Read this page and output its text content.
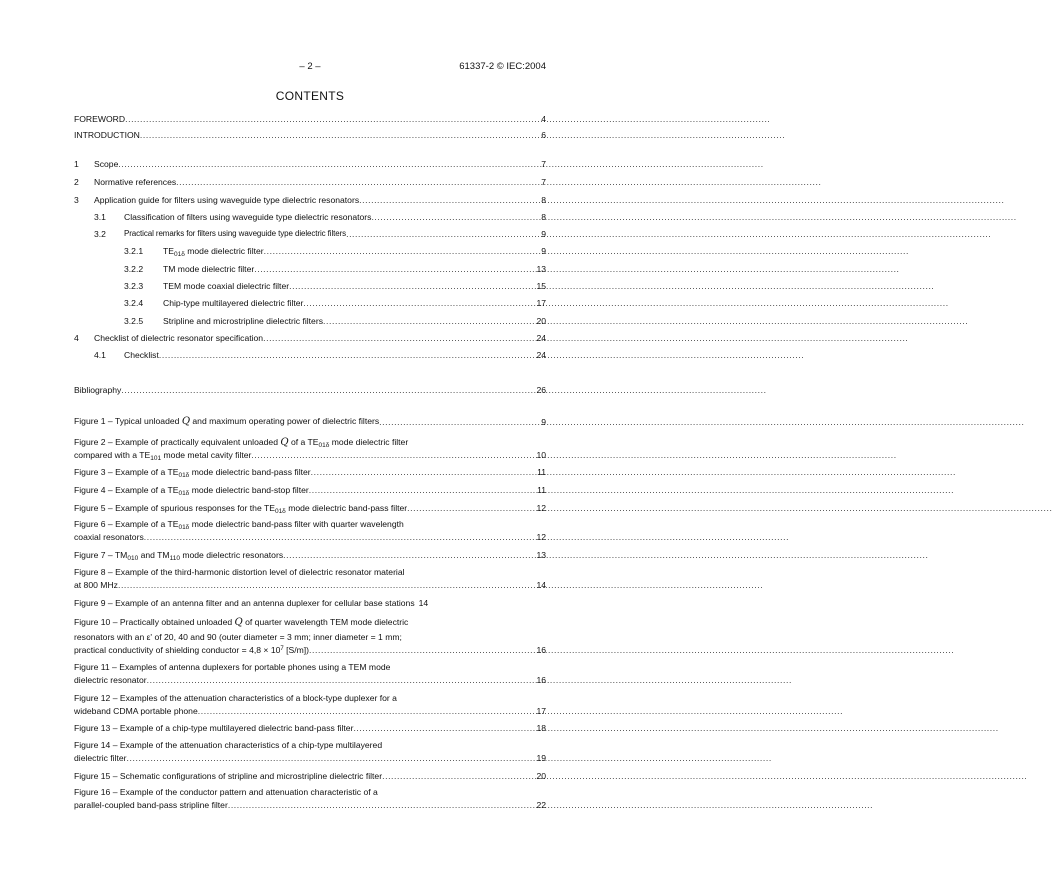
– 2 –	61337-2 © IEC:2004
CONTENTS
FOREWORD .....	4
INTRODUCTION .....	6
1	Scope .....	7
2	Normative references .....	7
3	Application guide for filters using waveguide type dielectric resonators .....	8
3.1	Classification of filters using waveguide type dielectric resonators .....	8
3.2	Practical remarks for filters using waveguide type dielectric filters .....	9
3.2.1	$TE_{01\delta}$ mode dielectric filter .....	9
3.2.2	TM mode dielectric filter .....	13
3.2.3	TEM mode coaxial dielectric filter .....	15
3.2.4	Chip-type multilayered dielectric filter .....	17
3.2.5	Stripline and microstripline dielectric filters .....	20
4	Checklist of dielectric resonator specification .....	24
4.1	Checklist .....	24
Bibliography .....	26
Figure 1 – Typical unloaded Q and maximum operating power of dielectric filters .....	9
Figure 2 – Example of practically equivalent unloaded Q of a $TE_{01\delta}$ mode dielectric filter
compared with a $TE_{101}$ mode metal cavity filter .....	10
Figure 3 – Example of a $TE_{01\delta}$ mode dielectric band-pass filter .....	11
Figure 4 – Example of a $TE_{01\delta}$ mode dielectric band-stop filter .....	11
Figure 5 – Example of spurious responses for the $TE_{01\delta}$ mode dielectric band-pass filter .....	12
Figure 6 – Example of a $TE_{01\delta}$ mode dielectric band-pass filter with quarter wavelength
coaxial resonators .....	12
Figure $7 - TM_{010}$ and $TM_{110}$ mode dielectric resonators .....	13
Figure 8 – Example of the third-harmonic distortion level of dielectric resonator material
at 800 MHz .....	14
Figure 9 – Example of an antenna filter and an antenna duplexer for cellular base stations 14
Figure 10 – Practically obtained unloaded Q of quarter wavelength TEM mode dielectric
resonators with an ε' of 20, 40 and 90 (outer diameter = 3 mm; inner diameter = 1 mm;
practical conductivity of shielding conductor = $4,8 \times 10^7$ [S/m]) .....	16
Figure 11 – Examples of antenna duplexers for portable phones using a TEM mode
dielectric resonator .....	16
Figure 12 – Examples of the attenuation characteristics of a block-type duplexer for a
wideband CDMA portable phone .....	17
Figure 13 – Example of a chip-type multilayered dielectric band-pass filter .....	18
Figure 14 – Example of the attenuation characteristics of a chip-type multilayered
dielectric filter .....	19
Figure 15 – Schematic configurations of stripline and microstripline dielectric filter .....	20
Figure 16 – Example of the conductor pattern and attenuation characteristic of a
parallel-coupled band-pass stripline filter .....	22
